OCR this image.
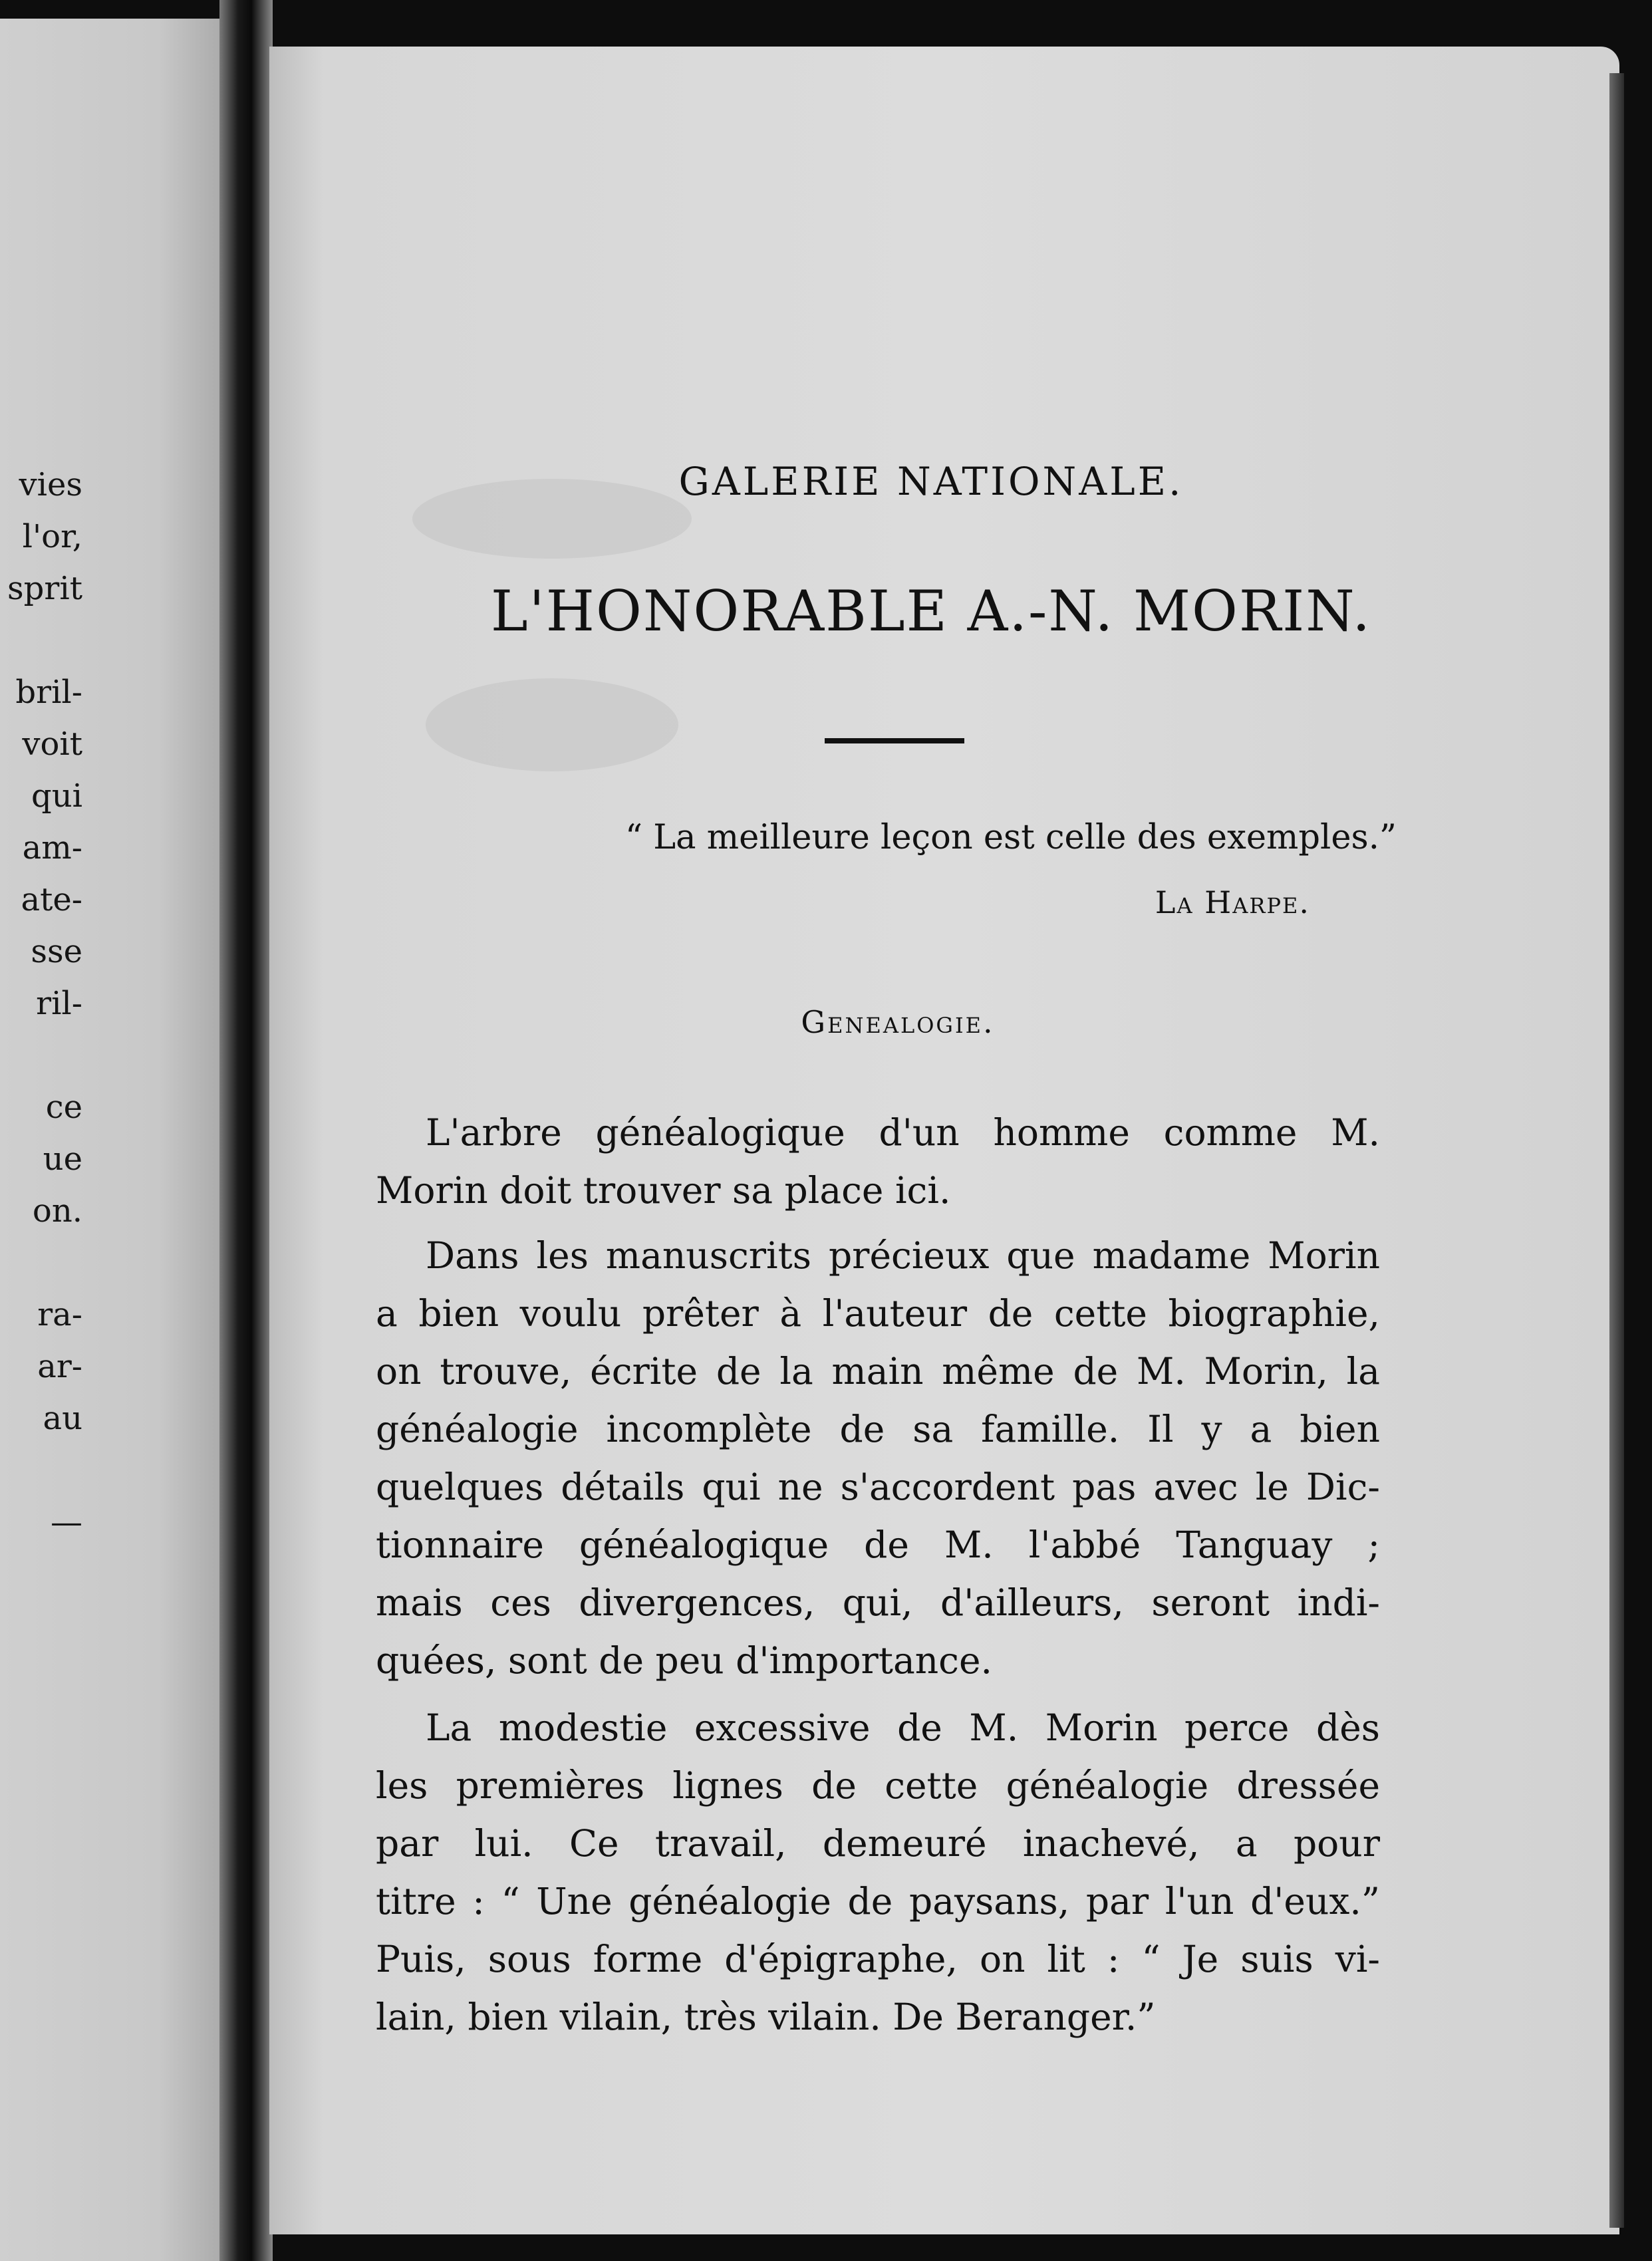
vies
l'or,
sprit
bril-
voit
qui
am-
ate-
sse
ril-
ce
ue
on.
ra-
ar-
au
—
GALERIE NATIONALE.
L'HONORABLE A.-N. MORIN.
“ La meilleure leçon est celle des exemples.”
La Harpe.
Genealogie.
L'arbre généalogique d'un homme comme M.
Morin doit trouver sa place ici.
Dans les manuscrits précieux que madame Morin
a bien voulu prêter à l'auteur de cette biographie,
on trouve, écrite de la main même de M. Morin, la
généalogie incomplète de sa famille. Il y a bien
quelques détails qui ne s'accordent pas avec le Dic-
tionnaire généalogique de M. l'abbé Tanguay ;
mais ces divergences, qui, d'ailleurs, seront indi-
quées, sont de peu d'importance.
La modestie excessive de M. Morin perce dès
les premières lignes de cette généalogie dressée
par lui. Ce travail, demeuré inachevé, a pour
titre : “ Une généalogie de paysans, par l'un d'eux.”
Puis, sous forme d'épigraphe, on lit : “ Je suis vi-
lain, bien vilain, très vilain. De Beranger.”
